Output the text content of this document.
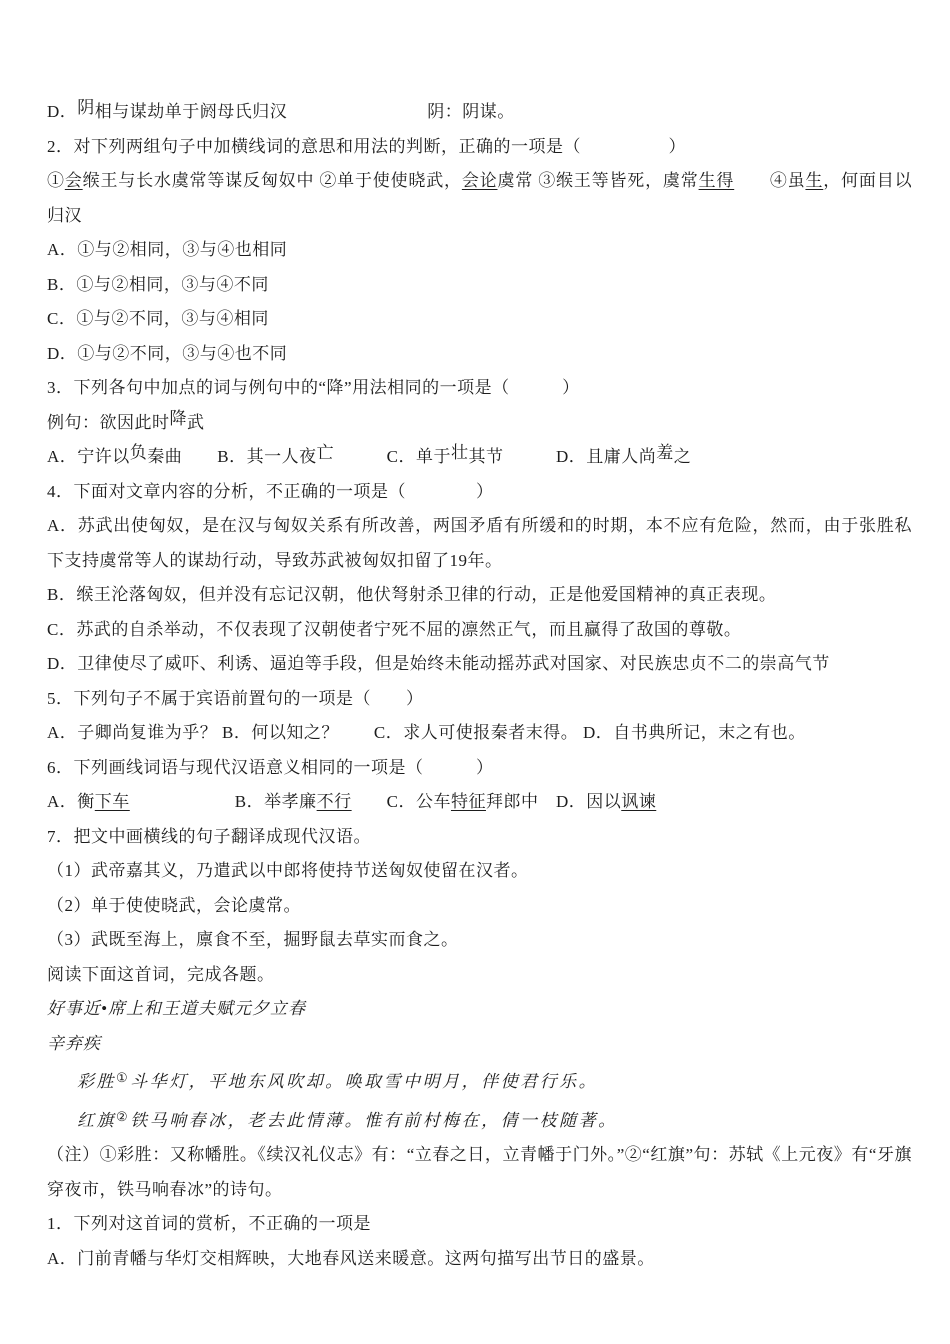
D．阴相与谋劫单于阏母氏归汉　　　　　　　　阴：阴谋。

2．对下列两组句子中加横线词的意思和用法的判断，正确的一项是（　　　　　）

①会缑王与长水虞常等谋反匈奴中 ②单于使使晓武，会论虞常 ③缑王等皆死，虞常生得　　④虽生，何面目以归汉

A．①与②相同，③与④也相同

B．①与②相同，③与④不同

C．①与②不同，③与④相同

D．①与②不同，③与④也不同

3．下列各句中加点的词与例句中的“降”用法相同的一项是（　　　）

例句：欲因此时降武

A．宁许以负秦曲　　B．其一人夜亡　　　	C．单于壮其节　　　D．且庸人尚羞之

4．下面对文章内容的分析，不正确的一项是（　　　　）

A．苏武出使匈奴，是在汉与匈奴关系有所改善，两国矛盾有所缓和的时期，本不应有危险，然而，由于张胜私下支持虞常等人的谋劫行动，导致苏武被匈奴扣留了19年。

B．缑王沦落匈奴，但并没有忘记汉朝，他伏弩射杀卫律的行动，正是他爱国精神的真正表现。

C．苏武的自杀举动，不仅表现了汉朝使者宁死不屈的凛然正气，而且赢得了敌国的尊敬。

D．卫律使尽了威吓、利诱、逼迫等手段，但是始终未能动摇苏武对国家、对民族忠贞不二的崇高气节

5．下列句子不属于宾语前置句的一项是（　　）

A．子卿尚复谁为乎？ B．何以知之？　　C．求人可使报秦者末得。 D．自书典所记，末之有也。

6．下列画线词语与现代汉语意义相同的一项是（　　　）

A．衡下车　　　　　　	B．举孝廉不行　　 C．公车特征拜郎中　D．因以讽谏

7．把文中画横线的句子翻译成现代汉语。

（1）武帝嘉其义，乃遣武以中郎将使持节送匈奴使留在汉者。

（2）单于使使晓武，会论虞常。

（3）武既至海上，廪食不至，掘野鼠去草实而食之。

阅读下面这首词，完成各题。

好事近•席上和王道夫赋元夕立春

辛弃疾

彩胜①斗华灯，平地东风吹却。唤取雪中明月，伴使君行乐。

红旗②铁马响春冰，老去此情薄。惟有前村梅在，倩一枝随著。

（注）①彩胜：又称幡胜。《续汉礼仪志》有：“立春之日，立青幡于门外。”②“红旗”句：苏轼《上元夜》有“牙旗穿夜市，铁马响春冰”的诗句。

1．下列对这首词的赏析，不正确的一项是

A．门前青幡与华灯交相辉映，大地春风送来暖意。这两句描写出节日的盛景。
